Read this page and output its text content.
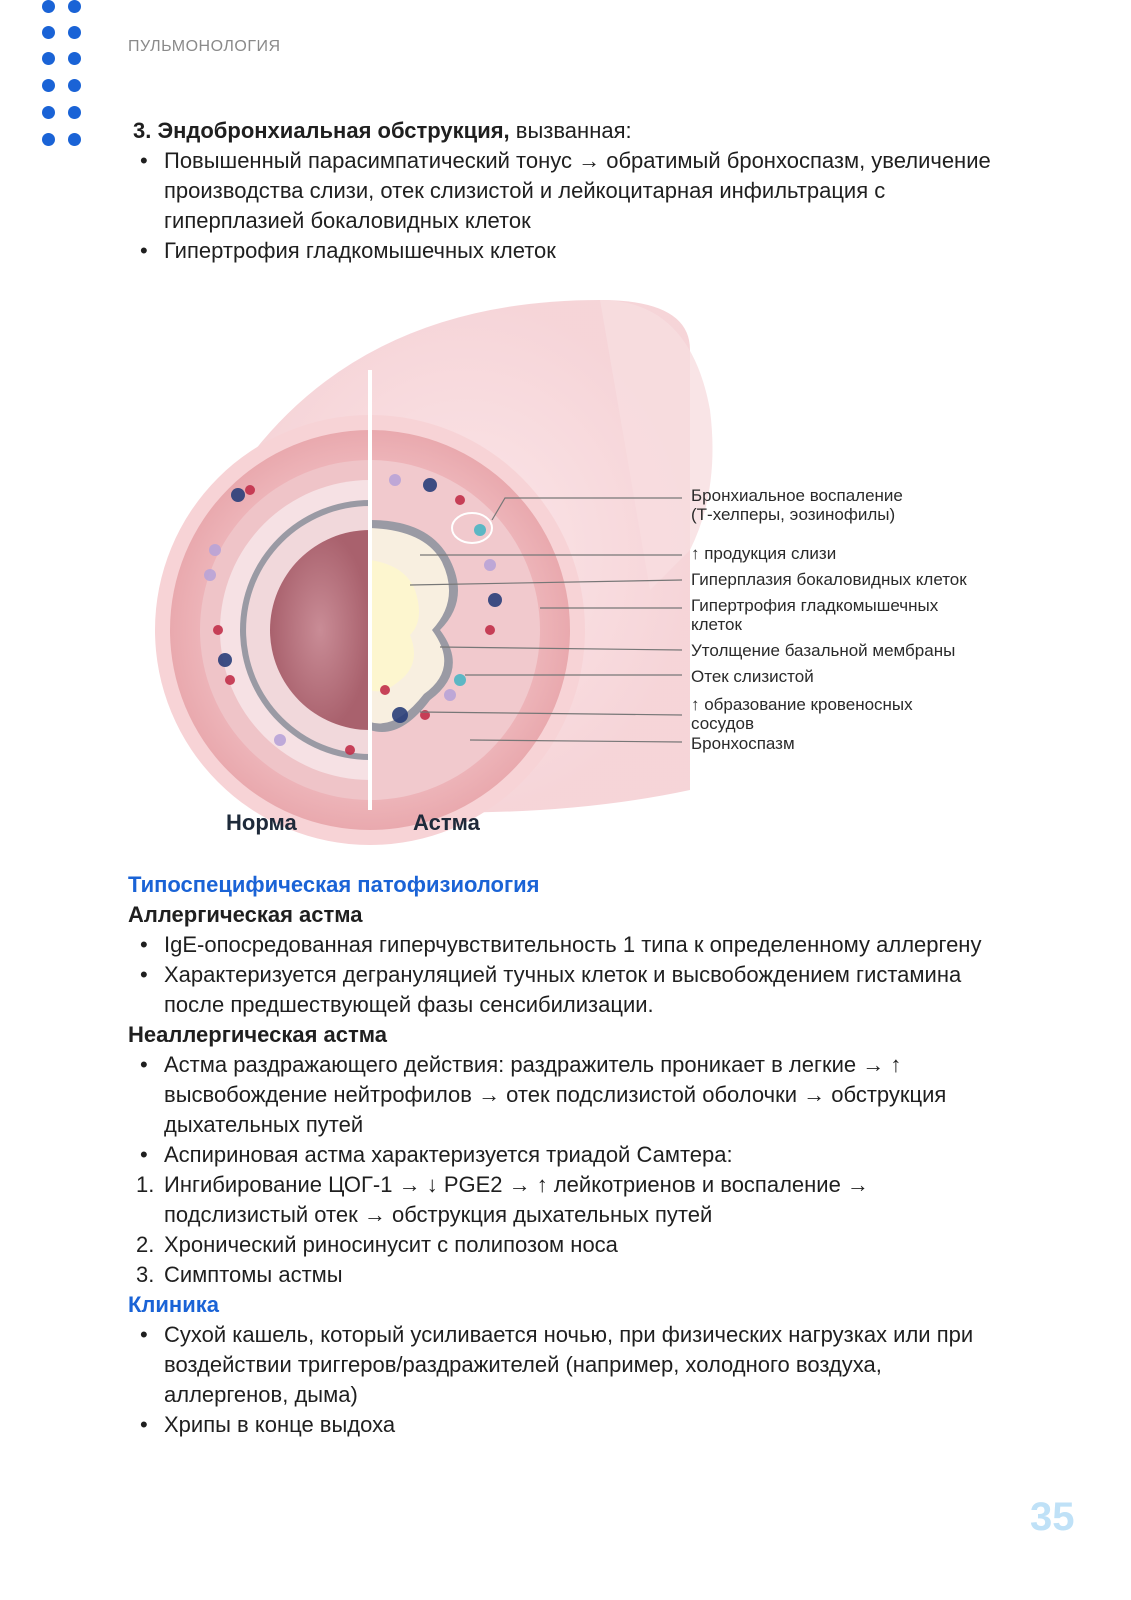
ПУЛЬМОНОЛОГИЯ
3. Эндобронхиальная обструкция, вызванная:
• Повышенный парасимпатический тонус → обратимый бронхоспазм, увеличение производства слизи, отек слизистой и лейкоцитарная инфильтрация с гиперплазией бокаловидных клеток
• Гипертрофия гладкомышечных клеток
Бронхиальное воспаление
(Т-хелперы, эозинофилы)
↑ продукция слизи
Гиперплазия бокаловидных клеток
Гипертрофия гладкомышечных
клеток
Утолщение базальной мембраны
Отек слизистой
↑ образование кровеносных
сосудов
Бронхоспазм
Норма	Астма
Типоспецифическая патофизиология
Аллергическая астма
• IgE-опосредованная гиперчувствительность 1 типа к определенному аллергену
• Характеризуется дегрануляцией тучных клеток и высвобождением гистамина после предшествующей фазы сенсибилизации.
Неаллергическая астма
• Астма раздражающего действия: раздражитель проникает в легкие → ↑ высвобождение нейтрофилов → отек подслизистой оболочки → обструкция дыхательных путей
• Аспириновая астма характеризуется триадой Самтера:
1. Ингибирование ЦОГ-1 → ↓ PGE2 → ↑ лейкотриенов и воспаление → подслизистый отек → обструкция дыхательных путей
2. Хронический риносинусит с полипозом носа
3. Симптомы астмы
Клиника
• Сухой кашель, который усиливается ночью, при физических нагрузках или при воздействии триггеров/раздражителей (например, холодного воздуха, аллергенов, дыма)
• Хрипы в конце выдоха
35
